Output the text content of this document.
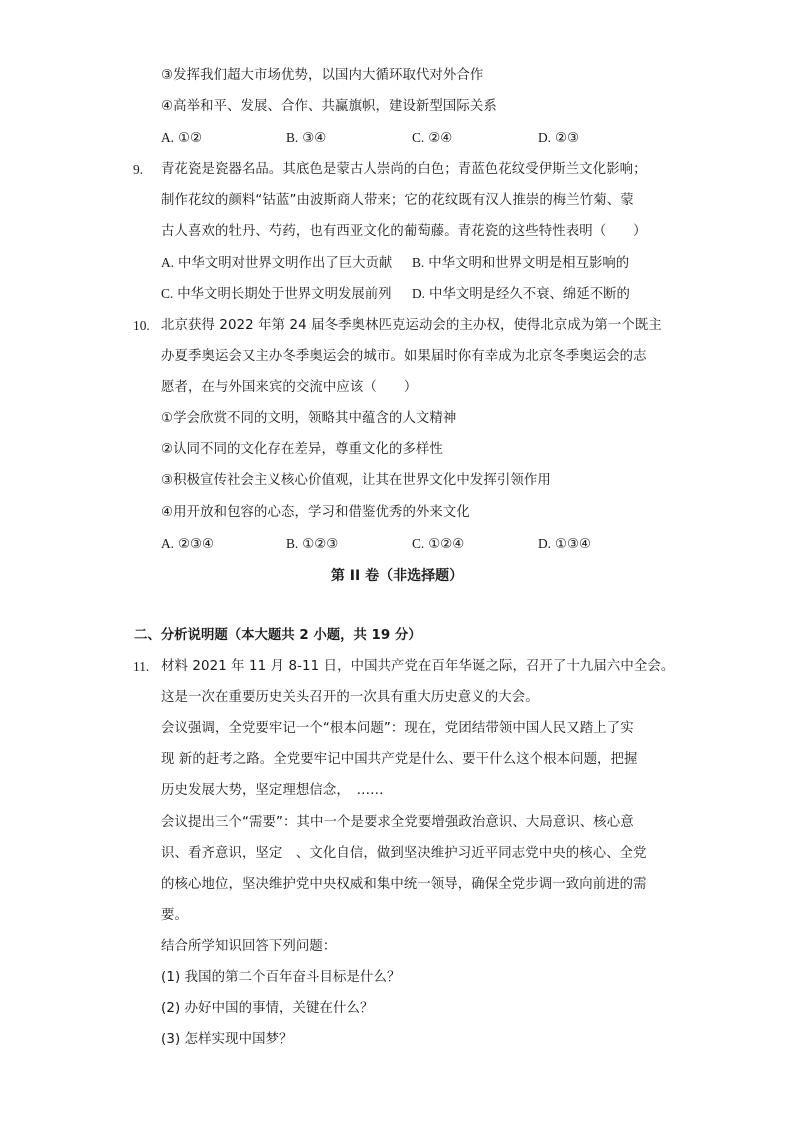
③发挥我们超大市场优势，以国内大循环取代对外合作
④高举和平、发展、合作、共赢旗帜，建设新型国际关系
A. ①②	B. ③④	C. ②④	D. ②③
9. 青花瓷是瓷器名品。其底色是蒙古人崇尚的白色；青蓝色花纹受伊斯兰文化影响；
制作花纹的颜料“钴蓝”由波斯商人带来；它的花纹既有汉人推崇的梅兰竹菊、蒙
古人喜欢的牡丹、芍药，也有西亚文化的葡萄藤。青花瓷的这些特性表明（　　）
A. 中华文明对世界文明作出了巨大贡献 B. 中华文明和世界文明是相互影响的
C. 中华文明长期处于世界文明发展前列 D. 中华文明是经久不衰、绵延不断的
10. 北京获得 2022 年第 24 届冬季奥林匹克运动会的主办权，使得北京成为第一个既主
办夏季奥运会又主办冬季奥运会的城市。如果届时你有幸成为北京冬季奥运会的志
愿者，在与外国来宾的交流中应该（　　）
①学会欣赏不同的文明，领略其中蕴含的人文精神
②认同不同的文化存在差异，尊重文化的多样性
③积极宣传社会主义核心价值观，让其在世界文化中发挥引领作用
④用开放和包容的心态，学习和借鉴优秀的外来文化
A. ②③④	B. ①②③	C. ①②④	D. ①③④
第 II 卷（非选择题）
二、分析说明题（本大题共 2 小题，共 19 分）
11. 材料 2021 年 11 月 8-11 日，中国共产党在百年华诞之际，召开了十九届六中全会。
这是一次在重要历史关头召开的一次具有重大历史意义的大会。
会议强调，全党要牢记一个“根本问题”：现在，党团结带领中国人民又踏上了实
现 新的赶考之路。全党要牢记中国共产党是什么、要干什么这个根本问题，把握
历史发展大势，坚定理想信念，　……
会议提出三个“需要”：其中一个是要求全党要增强政治意识、大局意识、核心意
识、看齐意识，坚定　、文化自信，做到坚决维护习近平同志党中央的核心、全党
的核心地位，坚决维护党中央权威和集中统一领导，确保全党步调一致向前进的需
要。
结合所学知识回答下列问题：
(1) 我国的第二个百年奋斗目标是什么？
(2) 办好中国的事情，关键在什么？
(3) 怎样实现中国梦？
